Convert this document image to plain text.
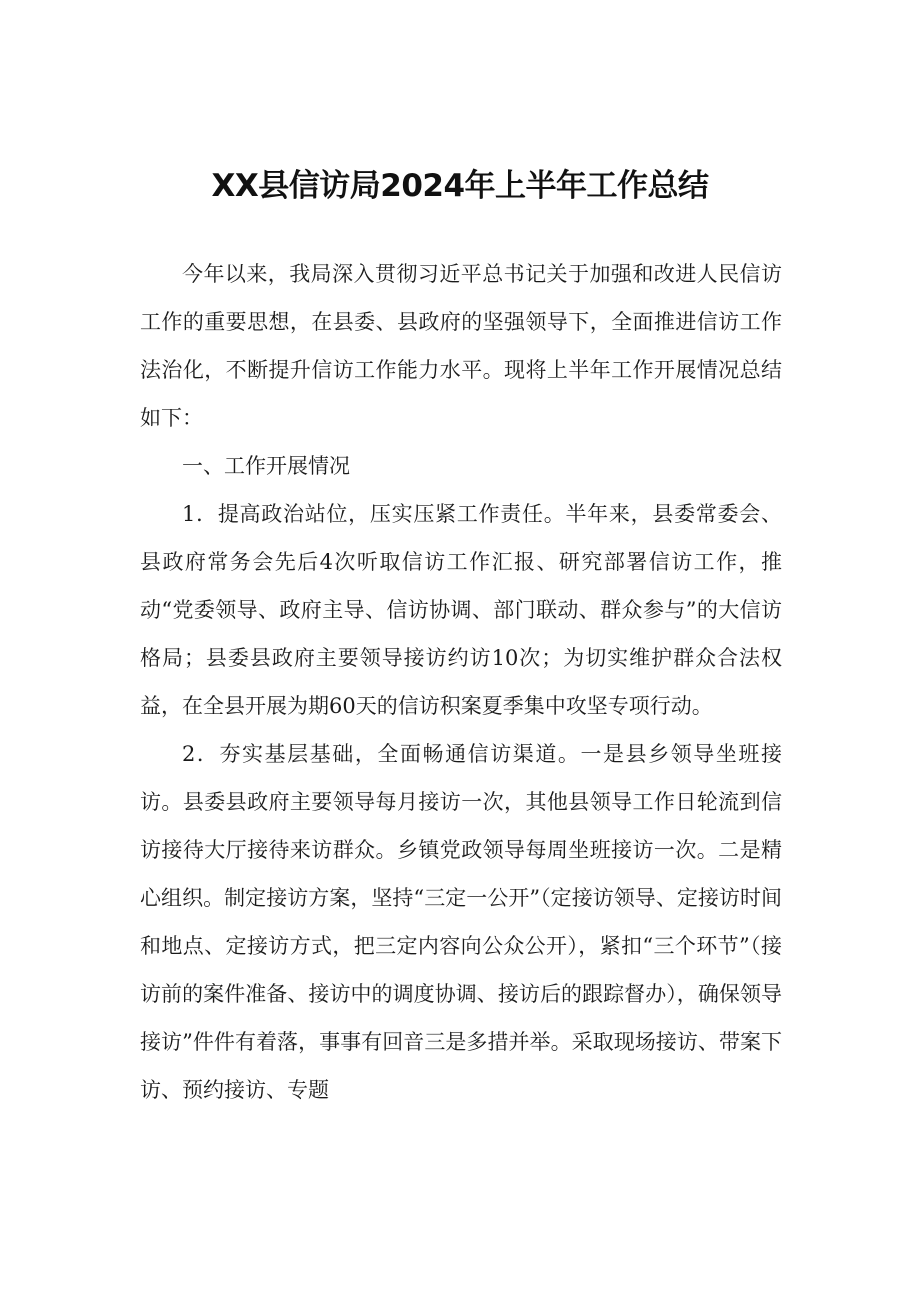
XX县信访局2024年上半年工作总结

今年以来，我局深入贯彻习近平总书记关于加强和改进人民信访工作的重要思想，在县委、县政府的坚强领导下，全面推进信访工作法治化，不断提升信访工作能力水平。现将上半年工作开展情况总结如下：

一、工作开展情况

1．提高政治站位，压实压紧工作责任。半年来，县委常委会、县政府常务会先后4次听取信访工作汇报、研究部署信访工作，推动“党委领导、政府主导、信访协调、部门联动、群众参与”的大信访格局；县委县政府主要领导接访约访10次；为切实维护群众合法权益，在全县开展为期60天的信访积案夏季集中攻坚专项行动。

2．夯实基层基础，全面畅通信访渠道。一是县乡领导坐班接访。县委县政府主要领导每月接访一次，其他县领导工作日轮流到信访接待大厅接待来访群众。乡镇党政领导每周坐班接访一次。二是精心组织。制定接访方案，坚持“三定一公开”（定接访领导、定接访时间和地点、定接访方式，把三定内容向公众公开），紧扣“三个环节”（接访前的案件准备、接访中的调度协调、接访后的跟踪督办），确保领导接访”件件有着落，事事有回音三是多措并举。采取现场接访、带案下访、预约接访、专题
